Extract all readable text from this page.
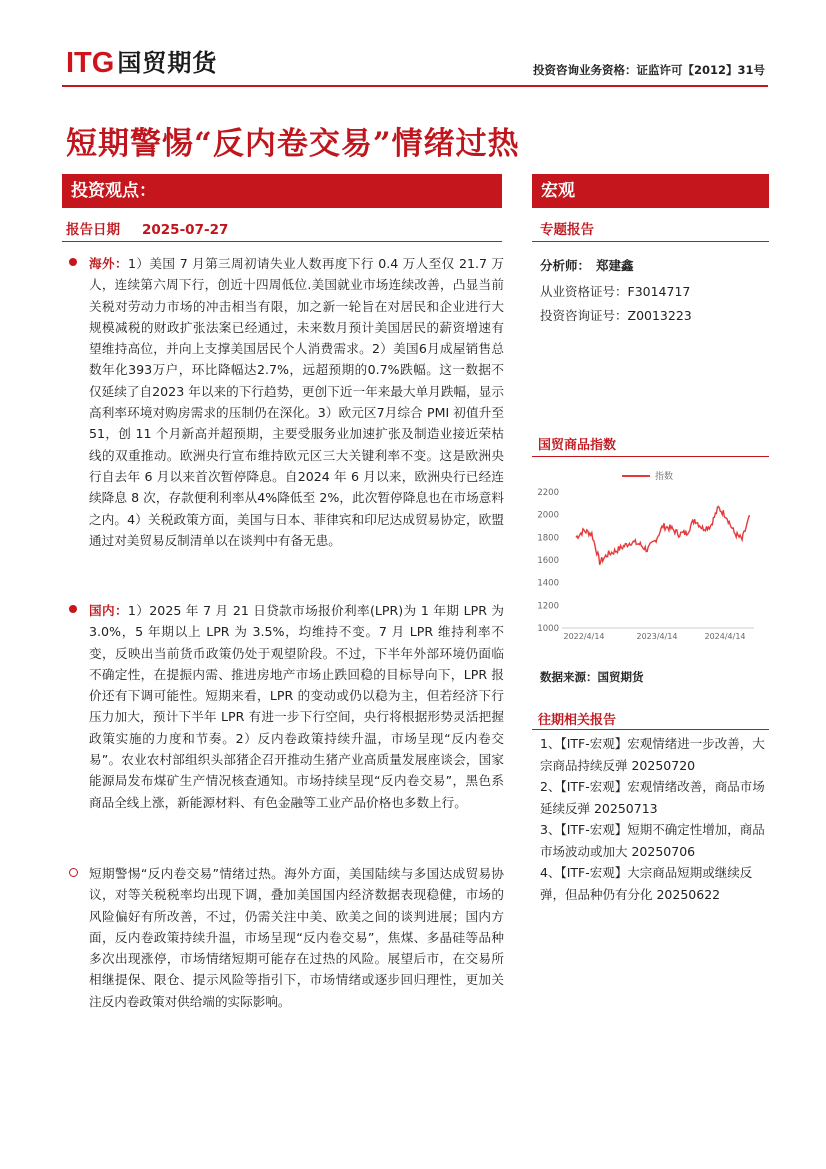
ITG 国贸期货	投资咨询业务资格：证监许可【2012】31号
短期警惕“反内卷交易”情绪过热
投资观点：	宏观
报告日期 2025-07-27	专题报告
海外：1）美国 7 月第三周初请失业人数再度下行 0.4 万人至仅 21.7 万人，连续第六周下行，创近十四周低位.美国就业市场连续改善，凸显当前关税对劳动力市场的冲击相当有限，加之新一轮旨在对居民和企业进行大规模减税的财政扩张法案已经通过，未来数月预计美国居民的薪资增速有望维持高位，并向上支撑美国居民个人消费需求。2）美国6月成屋销售总数年化393万户，环比降幅达2.7%，远超预期的0.7%跌幅。这一数据不仅延续了自2023 年以来的下行趋势，更创下近一年来最大单月跌幅，显示高利率环境对购房需求的压制仍在深化。3）欧元区7月综合 PMI 初值升至 51，创 11 个月新高并超预期，主要受服务业加速扩张及制造业接近荣枯线的双重推动。欧洲央行宣布维持欧元区三大关键利率不变。这是欧洲央行自去年 6 月以来首次暂停降息。自2024 年 6 月以来，欧洲央行已经连续降息 8 次，存款便利利率从4%降低至 2%，此次暂停降息也在市场意料之内。4）关税政策方面，美国与日本、菲律宾和印尼达成贸易协定，欧盟通过对美贸易反制清单以在谈判中有备无患。
国内：1）2025 年 7 月 21 日贷款市场报价利率(LPR)为 1 年期 LPR 为 3.0%，5 年期以上 LPR 为 3.5%，均维持不变。7 月 LPR 维持利率不变，反映出当前货币政策仍处于观望阶段。不过，下半年外部环境仍面临不确定性，在提振内需、推进房地产市场止跌回稳的目标导向下，LPR 报价还有下调可能性。短期来看，LPR 的变动或仍以稳为主，但若经济下行压力加大，预计下半年 LPR 有进一步下行空间，央行将根据形势灵活把握政策实施的力度和节奏。2）反内卷政策持续升温，市场呈现“反内卷交易”。农业农村部组织头部猪企召开推动生猪产业高质量发展座谈会，国家能源局发布煤矿生产情况核查通知。市场持续呈现“反内卷交易”，黑色系商品全线上涨，新能源材料、有色金融等工业产品价格也多数上行。
短期警惕“反内卷交易”情绪过热。海外方面，美国陆续与多国达成贸易协议，对等关税税率均出现下调，叠加美国国内经济数据表现稳健，市场的风险偏好有所改善，不过，仍需关注中美、欧美之间的谈判进展；国内方面，反内卷政策持续升温，市场呈现“反内卷交易”，焦煤、多晶硅等品种多次出现涨停，市场情绪短期可能存在过热的风险。展望后市，在交易所相继提保、限仓、提示风险等指引下，市场情绪或逐步回归理性，更加关注反内卷政策对供给端的实际影响。
分析师： 郑建鑫
从业资格证号：F3014717
投资咨询证号：Z0013223
国贸商品指数
指数
1000
1200
1400
1600
1800
2000
2200
2022/4/14	2023/4/14	2024/4/14
数据来源：国贸期货
往期相关报告

1、【ITF-宏观】宏观情绪进一步改善，大宗商品持续反弹 20250720

2、【ITF-宏观】宏观情绪改善，商品市场延续反弹 20250713

3、【ITF-宏观】短期不确定性增加，商品市场波动或加大 20250706

4、【ITF-宏观】大宗商品短期或继续反弹，但品种仍有分化 20250622
